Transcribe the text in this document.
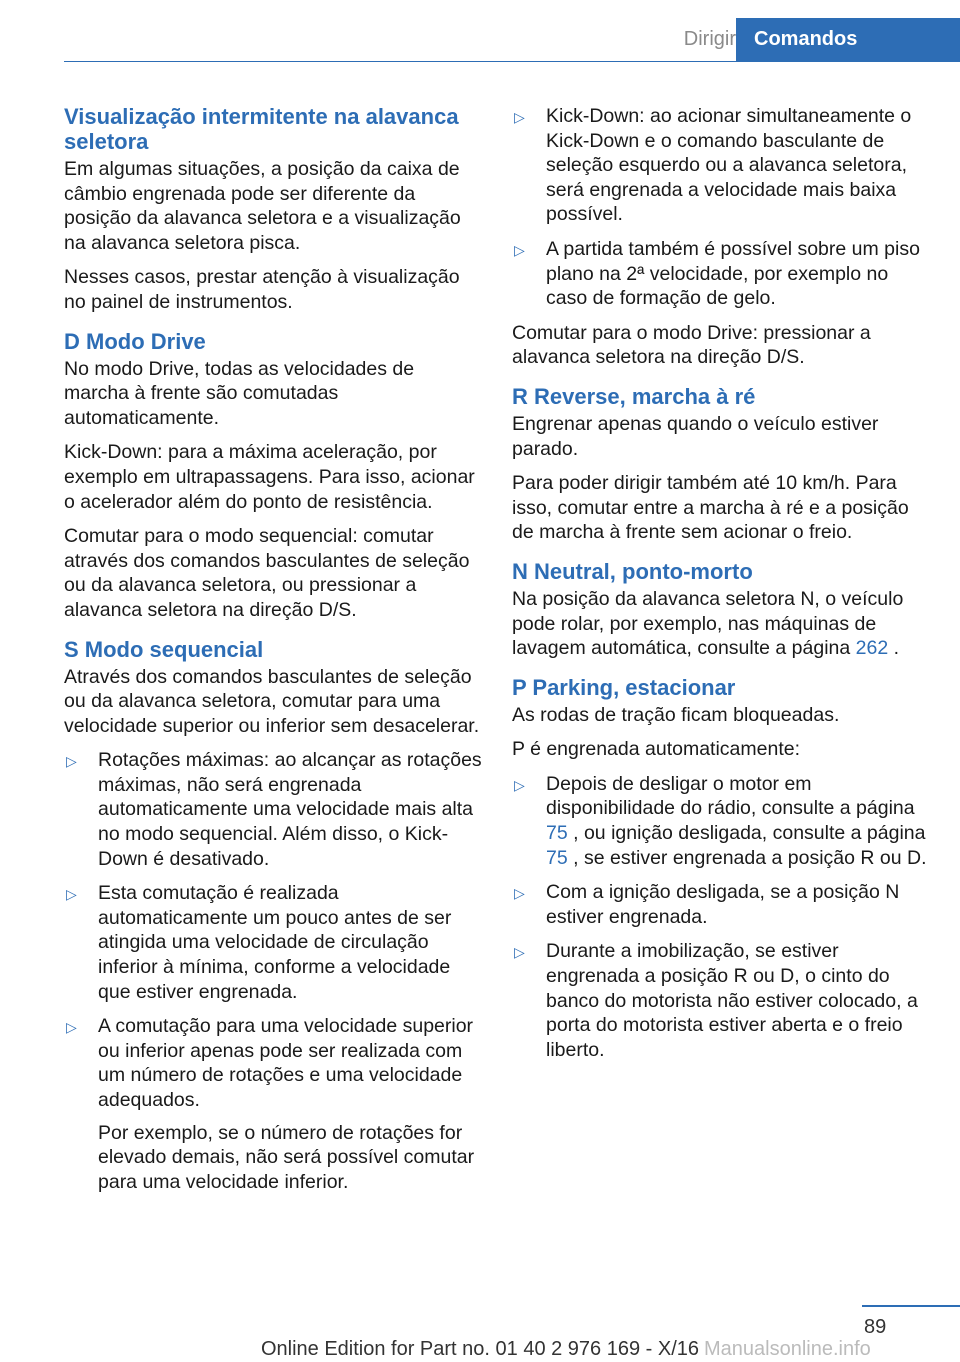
Dirigir Comandos
Visualização intermitente na alavanca seletora

Em algumas situações, a posição da caixa de câmbio engrenada pode ser diferente da posição da alavanca seletora e a visualização na alavanca seletora pisca.

Nesses casos, prestar atenção à visualização no painel de instrumentos.

D Modo Drive

No modo Drive, todas as velocidades de marcha à frente são comutadas automaticamente.

Kick-Down: para a máxima aceleração, por exemplo em ultrapassagens. Para isso, acionar o acelerador além do ponto de resistência.

Comutar para o modo sequencial: comutar através dos comandos basculantes de seleção ou da alavanca seletora, ou pressionar a alavanca seletora na direção D/S.

S Modo sequencial

Através dos comandos basculantes de seleção ou da alavanca seletora, comutar para uma velocidade superior ou inferior sem desacelerar.

▷ Rotações máximas: ao alcançar as rotações máximas, não será engrenada automaticamente uma velocidade mais alta no modo sequencial. Além disso, o Kick-Down é desativado.

▷ Esta comutação é realizada automaticamente um pouco antes de ser atingida uma velocidade de circulação inferior à mínima, conforme a velocidade que estiver engrenada.

▷ A comutação para uma velocidade superior ou inferior apenas pode ser realizada com um número de rotações e uma velocidade adequados.

Por exemplo, se o número de rotações for elevado demais, não será possível comutar para uma velocidade inferior.

▷ Kick-Down: ao acionar simultaneamente o Kick-Down e o comando basculante de seleção esquerdo ou a alavanca seletora, será engrenada a velocidade mais baixa possível.

▷ A partida também é possível sobre um piso plano na 2ª velocidade, por exemplo no caso de formação de gelo.

Comutar para o modo Drive: pressionar a alavanca seletora na direção D/S.

R Reverse, marcha à ré

Engrenar apenas quando o veículo estiver parado.

Para poder dirigir também até 10 km/h. Para isso, comutar entre a marcha à ré e a posição de marcha à frente sem acionar o freio.

N Neutral, ponto-morto

Na posição da alavanca seletora N, o veículo pode rolar, por exemplo, nas máquinas de lavagem automática, consulte a página 262 .

P Parking, estacionar

As rodas de tração ficam bloqueadas.

P é engrenada automaticamente:

▷ Depois de desligar o motor em disponibilidade do rádio, consulte a página 75 , ou ignição desligada, consulte a página 75 , se estiver engrenada a posição R ou D.

▷ Com a ignição desligada, se a posição N estiver engrenada.

▷ Durante a imobilização, se estiver engrenada a posição R ou D, o cinto do banco do motorista não estiver colocado, a porta do motorista estiver aberta e o freio liberto.

89
Online Edition for Part no. 01 40 2 976 169 - X/16 Manualsonline.info
